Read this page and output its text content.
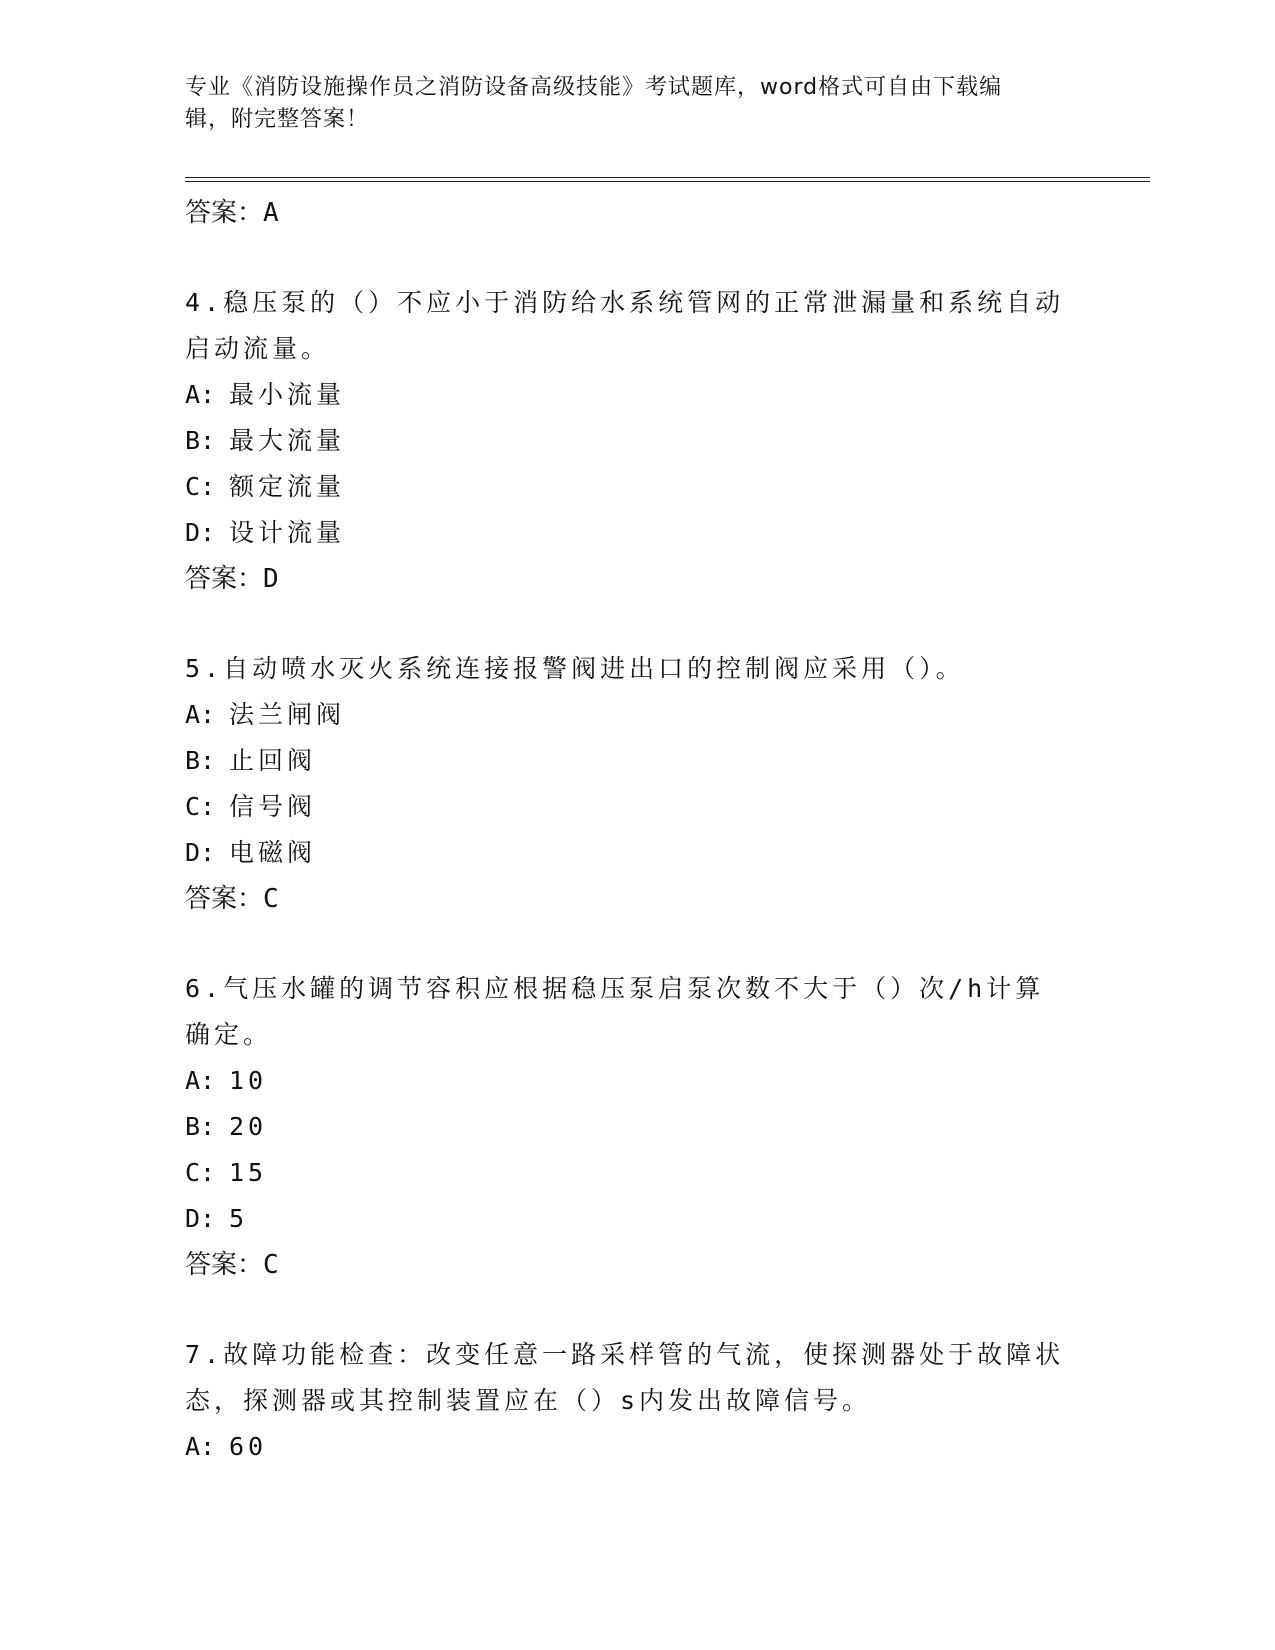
专业《消防设施操作员之消防设备高级技能》考试题库，word格式可自由下载编
辑，附完整答案！
答案：A
4.稳压泵的（）不应小于消防给水系统管网的正常泄漏量和系统自动启动流量。
A: 最小流量
B: 最大流量
C: 额定流量
D: 设计流量
答案：D
5.自动喷水灭火系统连接报警阀进出口的控制阀应采用（）。
A: 法兰闸阀
B: 止回阀
C: 信号阀
D: 电磁阀
答案：C
6.气压水罐的调节容积应根据稳压泵启泵次数不大于（）次/h计算确定。
A: 10
B: 20
C: 15
D: 5
答案：C
7.故障功能检查：改变任意一路采样管的气流，使探测器处于故障状态，探测器或其控制装置应在（）s内发出故障信号。
A: 60
